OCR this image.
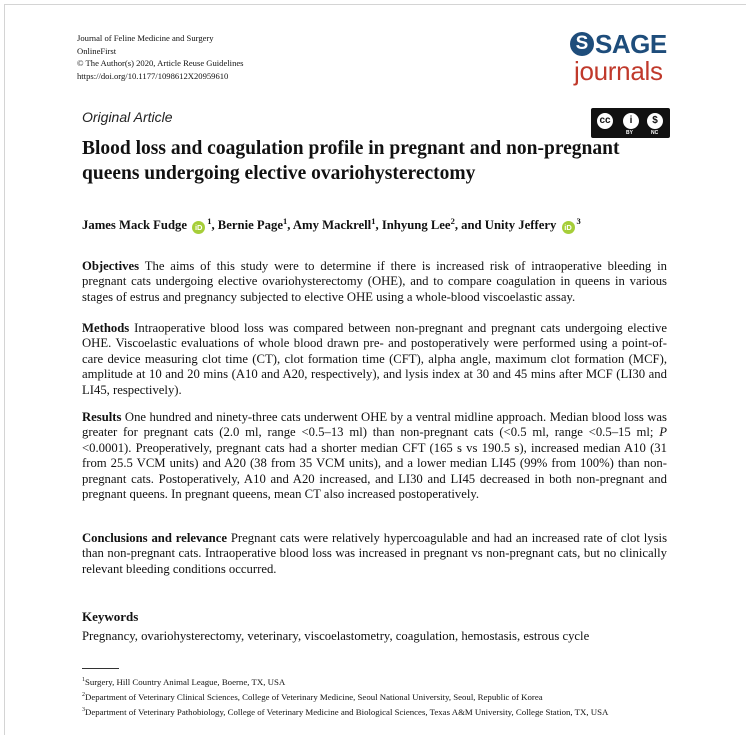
Journal of Feline Medicine and Surgery
OnlineFirst
© The Author(s) 2020, Article Reuse Guidelines
https://doi.org/10.1177/1098612X20959610
S SAGE
journals
Original Article	cc	i	$
BY	NC
Blood loss and coagulation profile in pregnant and non-pregnant queens undergoing elective ovariohysterectomy
James Mack Fudge $iD^1$, Bernie Page$^1$, Amy Mackrell$^1$, Inhyung Lee$^2$, and Unity Jeffery $iD^3$
Objectives The aims of this study were to determine if there is increased risk of intraoperative bleeding in pregnant cats undergoing elective ovariohysterectomy (OHE), and to compare coagulation in queens in various stages of estrus and pregnancy subjected to elective OHE using a whole-blood viscoelastic assay.
Methods Intraoperative blood loss was compared between non-pregnant and pregnant cats undergoing elective OHE. Viscoelastic evaluations of whole blood drawn pre- and postoperatively were performed using a point-of-care device measuring clot time (CT), clot formation time (CFT), alpha angle, maximum clot formation (MCF), amplitude at 10 and 20 mins (A10 and A20, respectively), and lysis index at 30 and 45 mins after MCF (LI30 and LI45, respectively).
Results One hundred and ninety-three cats underwent OHE by a ventral midline approach. Median blood loss was greater for pregnant cats (2.0 ml, range <0.5–13 ml) than non-pregnant cats (<0.5 ml, range <0.5–15 ml; P <0.0001). Preoperatively, pregnant cats had a shorter median CFT (165 s vs 190.5 s), increased median A10 (31 from 25.5 VCM units) and A20 (38 from 35 VCM units), and a lower median LI45 (99% from 100%) than non-pregnant cats. Postoperatively, A10 and A20 increased, and LI30 and LI45 decreased in both non-pregnant and pregnant queens. In pregnant queens, mean CT also increased postoperatively.
Conclusions and relevance Pregnant cats were relatively hypercoagulable and had an increased rate of clot lysis than non-pregnant cats. Intraoperative blood loss was increased in pregnant vs non-pregnant cats, but no clinically relevant bleeding conditions occurred.
Keywords
Pregnancy, ovariohysterectomy, veterinary, viscoelastometry, coagulation, hemostasis, estrous cycle
$^1$Surgery, Hill Country Animal League, Boerne, TX, USA
$^2$Department of Veterinary Clinical Sciences, College of Veterinary Medicine, Seoul National University, Seoul, Republic of Korea
$^3$Department of Veterinary Pathobiology, College of Veterinary Medicine and Biological Sciences, Texas A&M University, College Station, TX, USA
